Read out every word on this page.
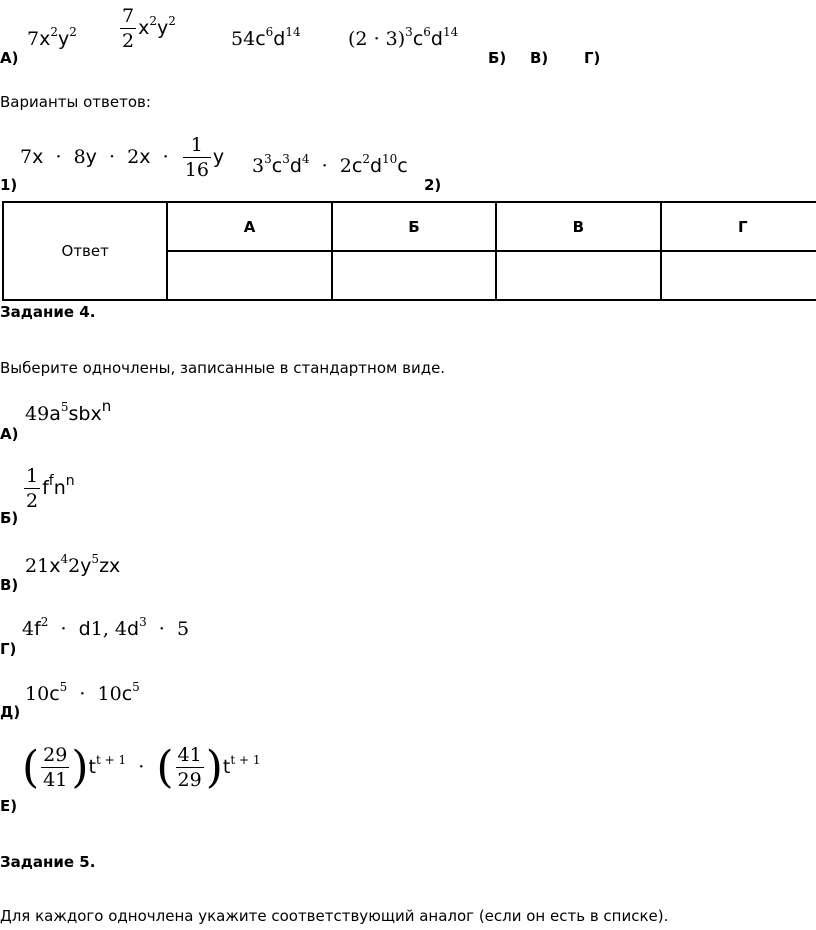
А)
$7x^2y^2 \frac{7}{2} x^2y^2$
$54c^6d^{14}$ $(2 \cdot 3)^3c^6d^{14}$
Б) В) Г)
Варианты ответов:
$7x \cdot 8y \cdot 2x \cdot \frac{1}{16}$ y $3^3c^3d^4 \cdot 2c^2d^{10}c$
1)	2)
Ответ	А	Б	В	Г

Задание 4.
Выберите одночлены, записанные в стандартном виде.
$49a^5sbx^n$
А)
$\frac{1}{2} f^fn^n$
Б)
$21x^42y^5zx$
В)
$4f^2 \cdot d1$, $4d^3 \cdot 5$
Г)
$10c^5 \cdot 10c^5$
Д)
( $\frac{29}{41} )t^{t + 1}$ · ( $\frac{41}{29} )t^{t + 1}$
Е)
Задание 5.
Для каждого одночлена укажите соответствующий аналог (если он есть в списке).
